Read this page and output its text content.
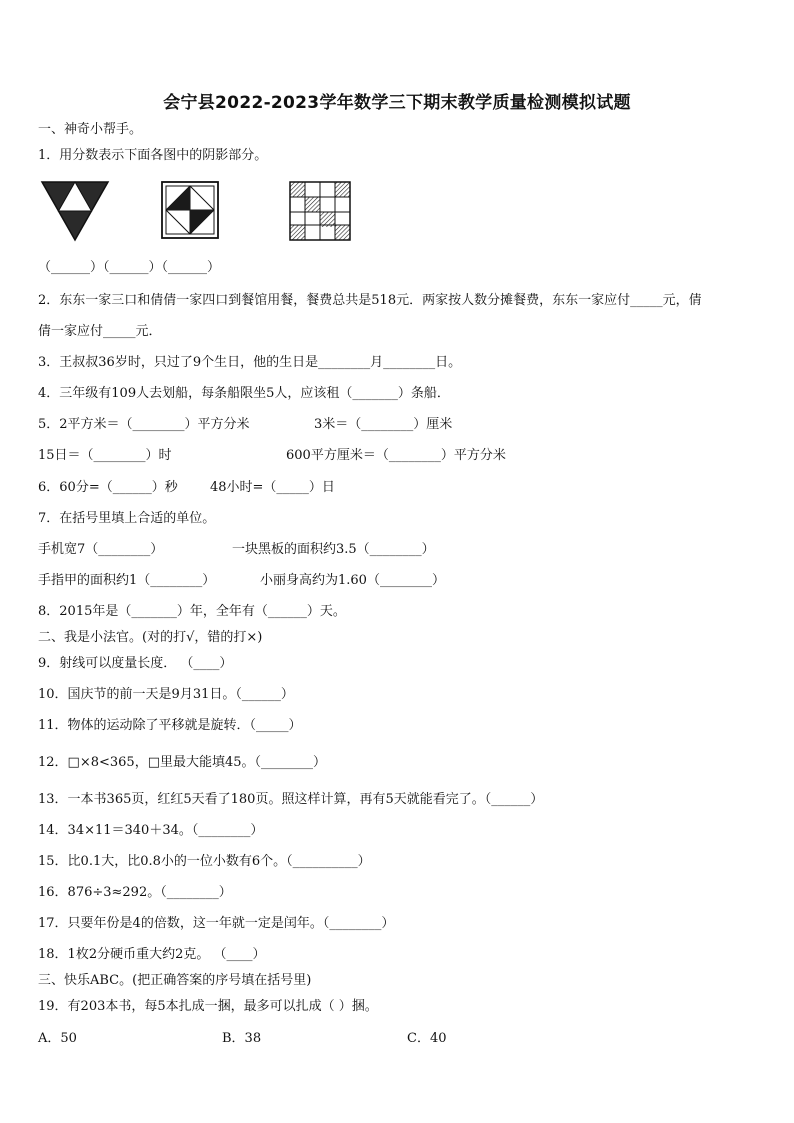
会宁县2022-2023学年数学三下期末教学质量检测模拟试题
一、神奇小帮手。
1．用分数表示下面各图中的阴影部分。
（______）（______）（______）
2．东东一家三口和倩倩一家四口到餐馆用餐，餐费总共是518元．两家按人数分摊餐费，东东一家应付_____元，倩
倩一家应付_____元．
3．王叔叔36岁时，只过了9个生日，他的生日是________月________日。
4．三年级有109人去划船，每条船限坐5人，应该租（_______）条船．
5．2平方米＝（________）平方分米	3米＝（________）厘米
15日＝（________）时	600平方厘米＝（________）平方分米
6．60分=（______）秒 48小时=（_____）日
7．在括号里填上合适的单位。
手机宽7（________）	一块黑板的面积约3.5（________）
手指甲的面积约1（________）	小丽身高约为1.60（________）
8．2015年是（_______）年，全年有（______）天。
二、我是小法官。(对的打√，错的打×)
9．射线可以度量长度． （____）
10．国庆节的前一天是9月31日。（______）
11．物体的运动除了平移就是旋转．（_____）
12．□×8<365，□里最大能填45。（________）
13．一本书365页，红红5天看了180页。照这样计算，再有5天就能看完了。（______）
14．34×11＝340＋34。（________）
15．比0.1大，比0.8小的一位小数有6个。（__________）
16．876÷3≈292。（________）
17．只要年份是4的倍数，这一年就一定是闰年。（________）
18．1枚2分硬币重大约2克。 （____）
三、快乐ABC。(把正确答案的序号填在括号里)
19．有203本书，每5本扎成一捆，最多可以扎成（ ）捆。
A．50	B．38	C．40
